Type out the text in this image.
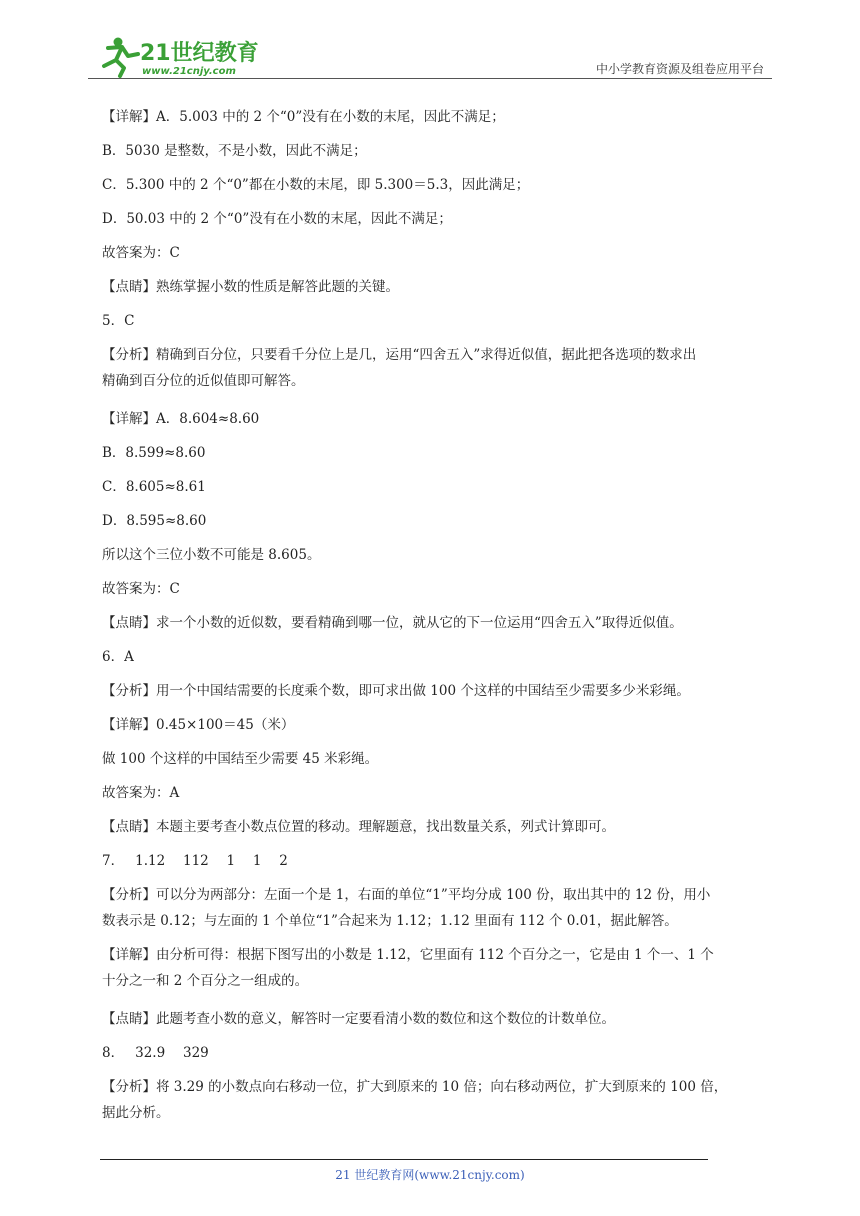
21世纪教育
www.21cnjy.com	中小学教育资源及组卷应用平台
【详解】A．5.003 中的 2 个“0”没有在小数的末尾，因此不满足；
B．5030 是整数，不是小数，因此不满足；
C．5.300 中的 2 个“0”都在小数的末尾，即 5.300＝5.3，因此满足；
D．50.03 中的 2 个“0”没有在小数的末尾，因此不满足；
故答案为：C
【点睛】熟练掌握小数的性质是解答此题的关键。
5．C
【分析】精确到百分位，只要看千分位上是几，运用“四舍五入”求得近似值，据此把各选项的数求出
精确到百分位的近似值即可解答。
【详解】A．8.604≈8.60
B．8.599≈8.60
C．8.605≈8.61
D．8.595≈8.60
所以这个三位小数不可能是 8.605。
故答案为：C
【点睛】求一个小数的近似数，要看精确到哪一位，就从它的下一位运用“四舍五入”取得近似值。
6．A
【分析】用一个中国结需要的长度乘个数，即可求出做 100 个这样的中国结至少需要多少米彩绳。
【详解】0.45×100＝45（米）
做 100 个这样的中国结至少需要 45 米彩绳。
故答案为：A
【点睛】本题主要考查小数点位置的移动。理解题意，找出数量关系，列式计算即可。
7．　 1.12　 112　 1　 1　 2
【分析】可以分为两部分：左面一个是 1，右面的单位“1”平均分成 100 份，取出其中的 12 份，用小
数表示是 0.12；与左面的 1 个单位“1”合起来为 1.12；1.12 里面有 112 个 0.01，据此解答。
【详解】由分析可得：根据下图写出的小数是 1.12，它里面有 112 个百分之一，它是由 1 个一、1 个
十分之一和 2 个百分之一组成的。
【点睛】此题考查小数的意义，解答时一定要看清小数的数位和这个数位的计数单位。
8．　 32.9　 329
【分析】将 3.29 的小数点向右移动一位，扩大到原来的 10 倍；向右移动两位，扩大到原来的 100 倍，
据此分析。
21 世纪教育网(www.21cnjy.com)
